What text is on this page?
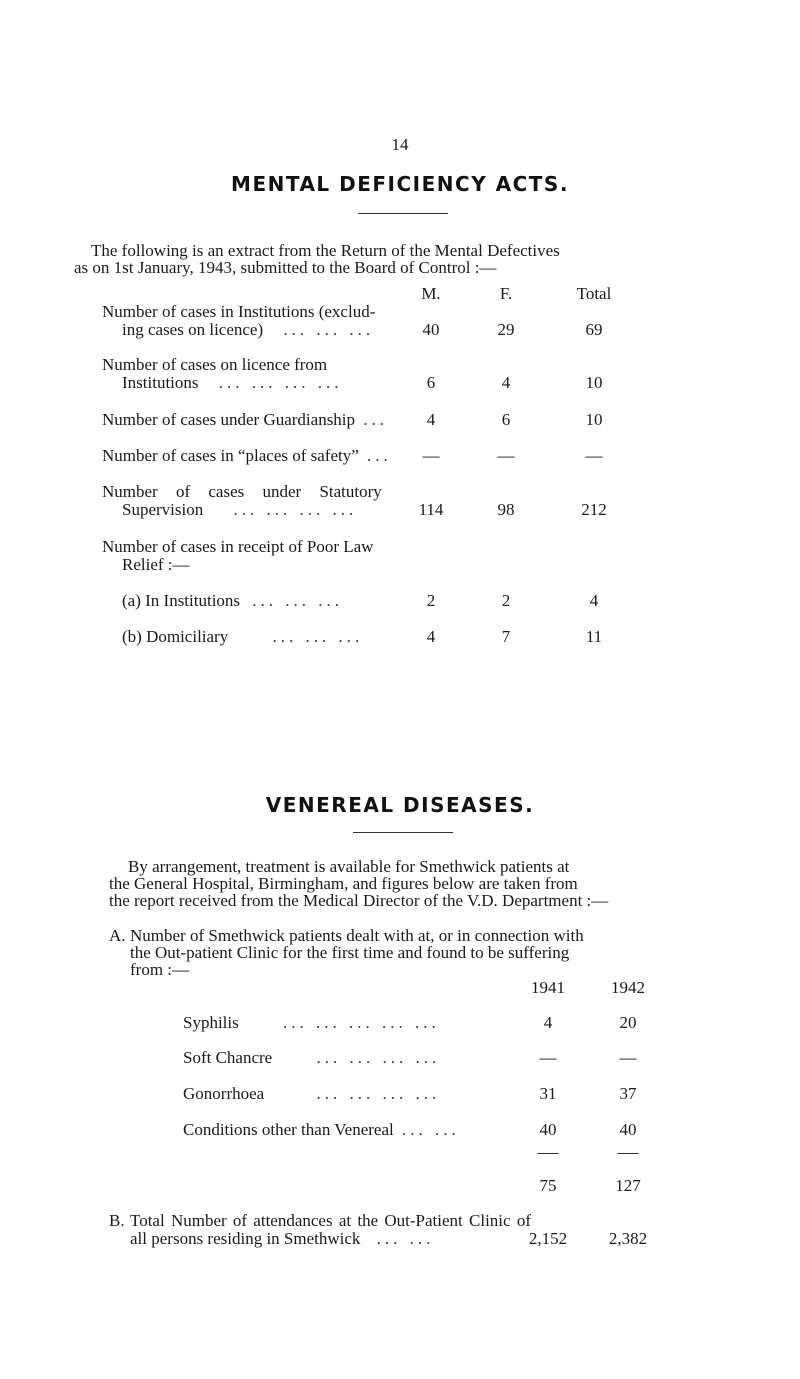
14
MENTAL DEFICIENCY ACTS.
The following is an extract from the Return of the Mental Defectives
as on 1st January, 1943, submitted to the Board of Control :—
M.	F.	Total
Number of cases in Institutions (exclud-
ing cases on licence) ... ... ...	40	29	69
Number of cases on licence from
Institutions ... ... ... ...	6	4	10
Number of cases under Guardianship ...	4	6	10
Number of cases in “places of safety” ...	—	—	—
Number of cases under Statutory
Supervision ... ... ... ...	114	98	212
Number of cases in receipt of Poor Law
Relief :—
(a) In Institutions ... ... ...	2	2	4
(b) Domiciliary	... ... ...	4	7	11
VENEREAL DISEASES.
By arrangement, treatment is available for Smethwick patients at
the General Hospital, Birmingham, and figures below are taken from
the report received from the Medical Director of the V.D. Department :—
A. Number of Smethwick patients dealt with at, or in connection with
the Out-patient Clinic for the first time and found to be suffering
from :—
1941	1942
Syphilis	... ... ... ... ...	4	20
Soft Chancre	... ... ... ...	—	—
Gonorrhoea	... ... ... ...	31	37
Conditions other than Venereal ... ...	40	40
75	127
B. Total Number of attendances at the Out-Patient Clinic of
all persons residing in Smethwick ... ...	2,152	2,382
